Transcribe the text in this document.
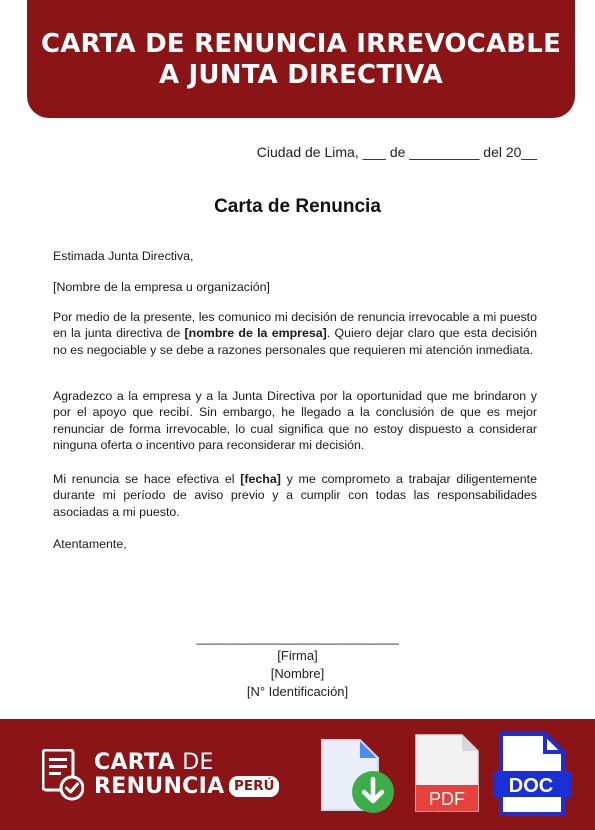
CARTA DE RENUNCIA IRREVOCABLE
A JUNTA DIRECTIVA
Ciudad de Lima, ___ de _________ del 20__
Carta de Renuncia
Estimada Junta Directiva,
[Nombre de la empresa u organización]
Por medio de la presente, les comunico mi decisión de renuncia irrevocable a mi puesto en la junta directiva de [nombre de la empresa]. Quiero dejar claro que esta decisión no es negociable y se debe a razones personales que requieren mi atención inmediata.
Agradezco a la empresa y a la Junta Directiva por la oportunidad que me brindaron y por el apoyo que recibí. Sin embargo, he llegado a la conclusión de que es mejor renunciar de forma irrevocable, lo cual significa que no estoy dispuesto a considerar ninguna oferta o incentivo para reconsiderar mi decisión.
Mi renuncia se hace efectiva el [fecha] y me comprometo a trabajar diligentemente durante mi período de aviso previo y a cumplir con todas las responsabilidades asociadas a mi puesto.
Atentamente,
______________________________
[Firma]
[Nombre]
[N° Identificación]
CARTA DE
RENUNCIA PERÚ
PDF
DOC
